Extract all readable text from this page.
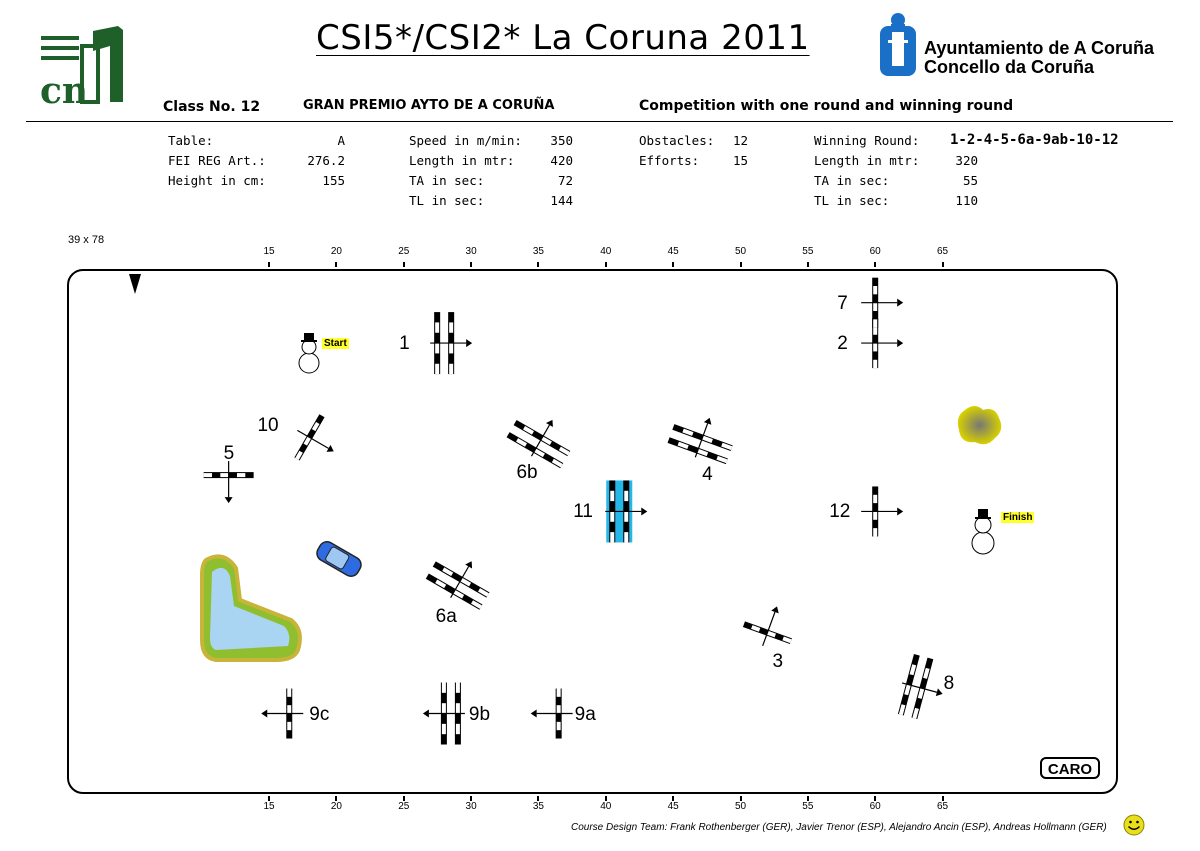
cn
Ayuntamiento de A Coruña
Concello da Coruña
CSI5*/CSI2* La Coruna 2011
Class No. 12	GRAN PREMIO AYTO DE A CORUÑA	Competition with one round and winning round
Table:	A
FEI REG Art.:	276.2
Height in cm:	155
Speed in m/min:	350
Length in mtr:	420
TA in sec:	72
TL in sec:	144
Obstacles:	12
Efforts:	15
Winning Round: 1-2-4-5-6a-9ab-10-12
Length in mtr:	320
TA in sec:	55
TL in sec:	110
39 x 78
15	20	25	30	35	40	45	50	55	60	65
15	20	25	30	35	40	45	50	55	60	65
Start
Finish
1	2
3
4
5
6a
6b
7
8
9a
9b
9c
10
11	12
CARO
Course Design Team: Frank Rothenberger (GER), Javier Trenor (ESP), Alejandro Ancin (ESP), Andreas Hollmann (GER)
